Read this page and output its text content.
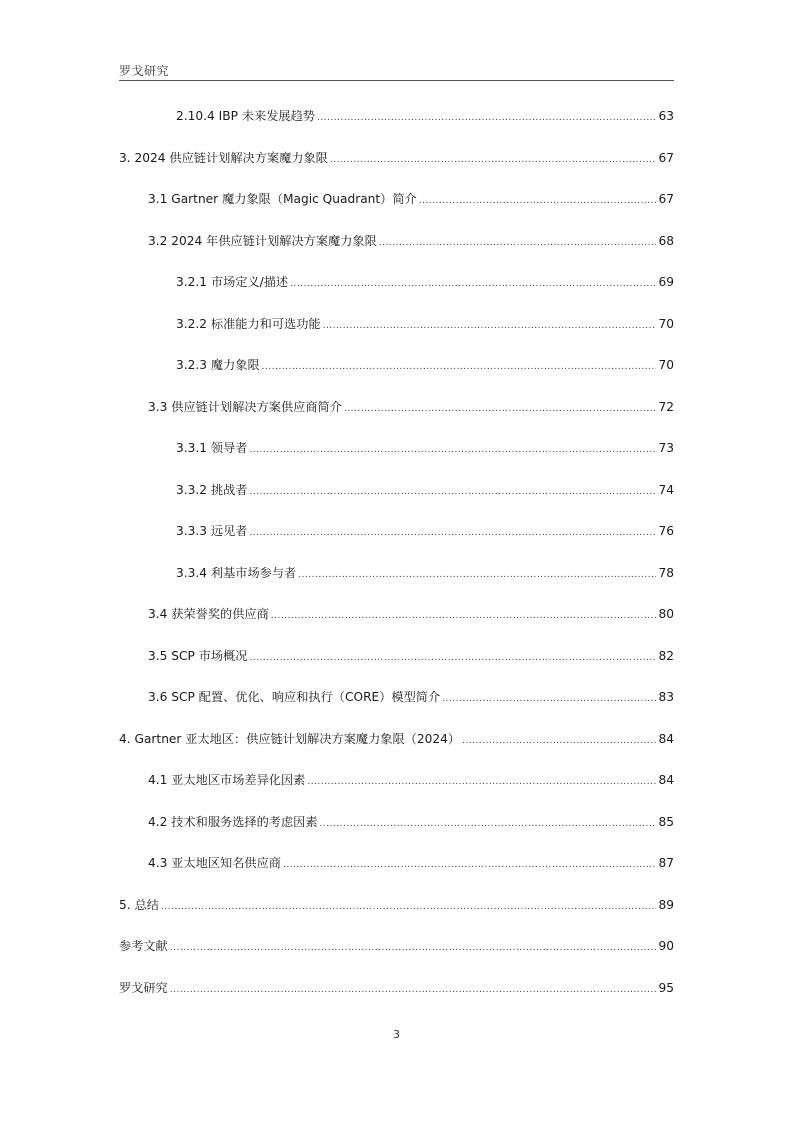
罗戈研究
2.10.4 IBP 未来发展趋势 .....	63
3. 2024 供应链计划解决方案魔力象限 .....	67
3.1 Gartner 魔力象限（Magic Quadrant）简介 .....	67
3.2 2024 年供应链计划解决方案魔力象限 .....	68
3.2.1 市场定义/描述 .....	69
3.2.2 标准能力和可选功能 .....	70
3.2.3 魔力象限 .....	70
3.3 供应链计划解决方案供应商简介 .....	72
3.3.1 领导者 .....	73
3.3.2 挑战者 .....	74
3.3.3 远见者 .....	76
3.3.4 利基市场参与者 .....	78
3.4 获荣誉奖的供应商 .....	80
3.5 SCP 市场概况 .....	82
3.6 SCP 配置、优化、响应和执行（CORE）模型简介 .....	83
4. Gartner 亚太地区：供应链计划解决方案魔力象限（2024） .....	84
4.1 亚太地区市场差异化因素 .....	84
4.2 技术和服务选择的考虑因素 .....	85
4.3 亚太地区知名供应商 .....	87
5. 总结 .....	89
参考文献 .....	90
罗戈研究 .....	95
3
